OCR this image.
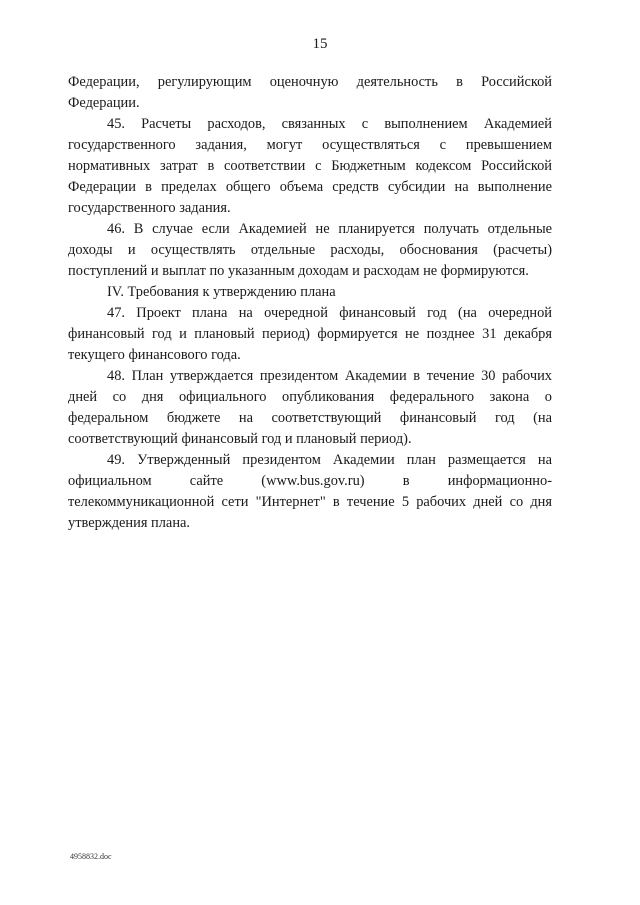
15

Федерации, регулирующим оценочную деятельность в Российской Федерации.

45. Расчеты расходов, связанных с выполнением Академией государственного задания, могут осуществляться с превышением нормативных затрат в соответствии с Бюджетным кодексом Российской Федерации в пределах общего объема средств субсидии на выполнение государственного задания.

46. В случае если Академией не планируется получать отдельные доходы и осуществлять отдельные расходы, обоснования (расчеты) поступлений и выплат по указанным доходам и расходам не формируются.

IV. Требования к утверждению плана

47. Проект плана на очередной финансовый год (на очередной финансовый год и плановый период) формируется не позднее 31 декабря текущего финансового года.

48. План утверждается президентом Академии в течение 30 рабочих дней со дня официального опубликования федерального закона о федеральном бюджете на соответствующий финансовый год (на соответствующий финансовый год и плановый период).

49. Утвержденный президентом Академии план размещается на официальном сайте (www.bus.gov.ru) в информационно-телекоммуникационной сети "Интернет" в течение 5 рабочих дней со дня утверждения плана.

4958832.doc
